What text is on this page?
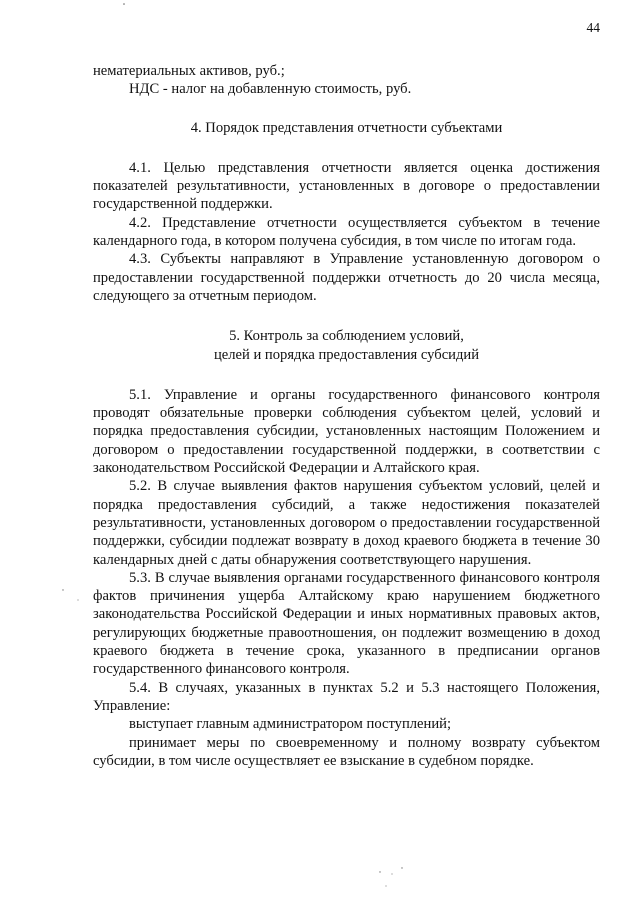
44

нематериальных активов, руб.;

НДС - налог на добавленную стоимость, руб.

4. Порядок представления отчетности субъектами

4.1. Целью представления отчетности является оценка достижения показателей результативности, установленных в договоре о предоставлении государственной поддержки.

4.2. Представление отчетности осуществляется субъектом в течение календарного года, в котором получена субсидия, в том числе по итогам года.

4.3. Субъекты направляют в Управление установленную договором о предоставлении государственной поддержки отчетность до 20 числа месяца, следующего за отчетным периодом.

5. Контроль за соблюдением условий,

целей и порядка предоставления субсидий

5.1. Управление и органы государственного финансового контроля проводят обязательные проверки соблюдения субъектом целей, условий и порядка предоставления субсидии, установленных настоящим Положением и договором о предоставлении государственной поддержки, в соответствии с законодательством Российской Федерации и Алтайского края.

5.2. В случае выявления фактов нарушения субъектом условий, целей и порядка предоставления субсидий, а также недостижения показателей результативности, установленных договором о предоставлении государственной поддержки, субсидии подлежат возврату в доход краевого бюджета в течение 30 календарных дней с даты обнаружения соответствующего нарушения.

5.3. В случае выявления органами государственного финансового контроля фактов причинения ущерба Алтайскому краю нарушением бюджетного законодательства Российской Федерации и иных нормативных правовых актов, регулирующих бюджетные правоотношения, он подлежит возмещению в доход краевого бюджета в течение срока, указанного в предписании органов государственного финансового контроля.

5.4. В случаях, указанных в пунктах 5.2 и 5.3 настоящего Положения, Управление:

выступает главным администратором поступлений;

принимает меры по своевременному и полному возврату субъектом субсидии, в том числе осуществляет ее взыскание в судебном порядке.
